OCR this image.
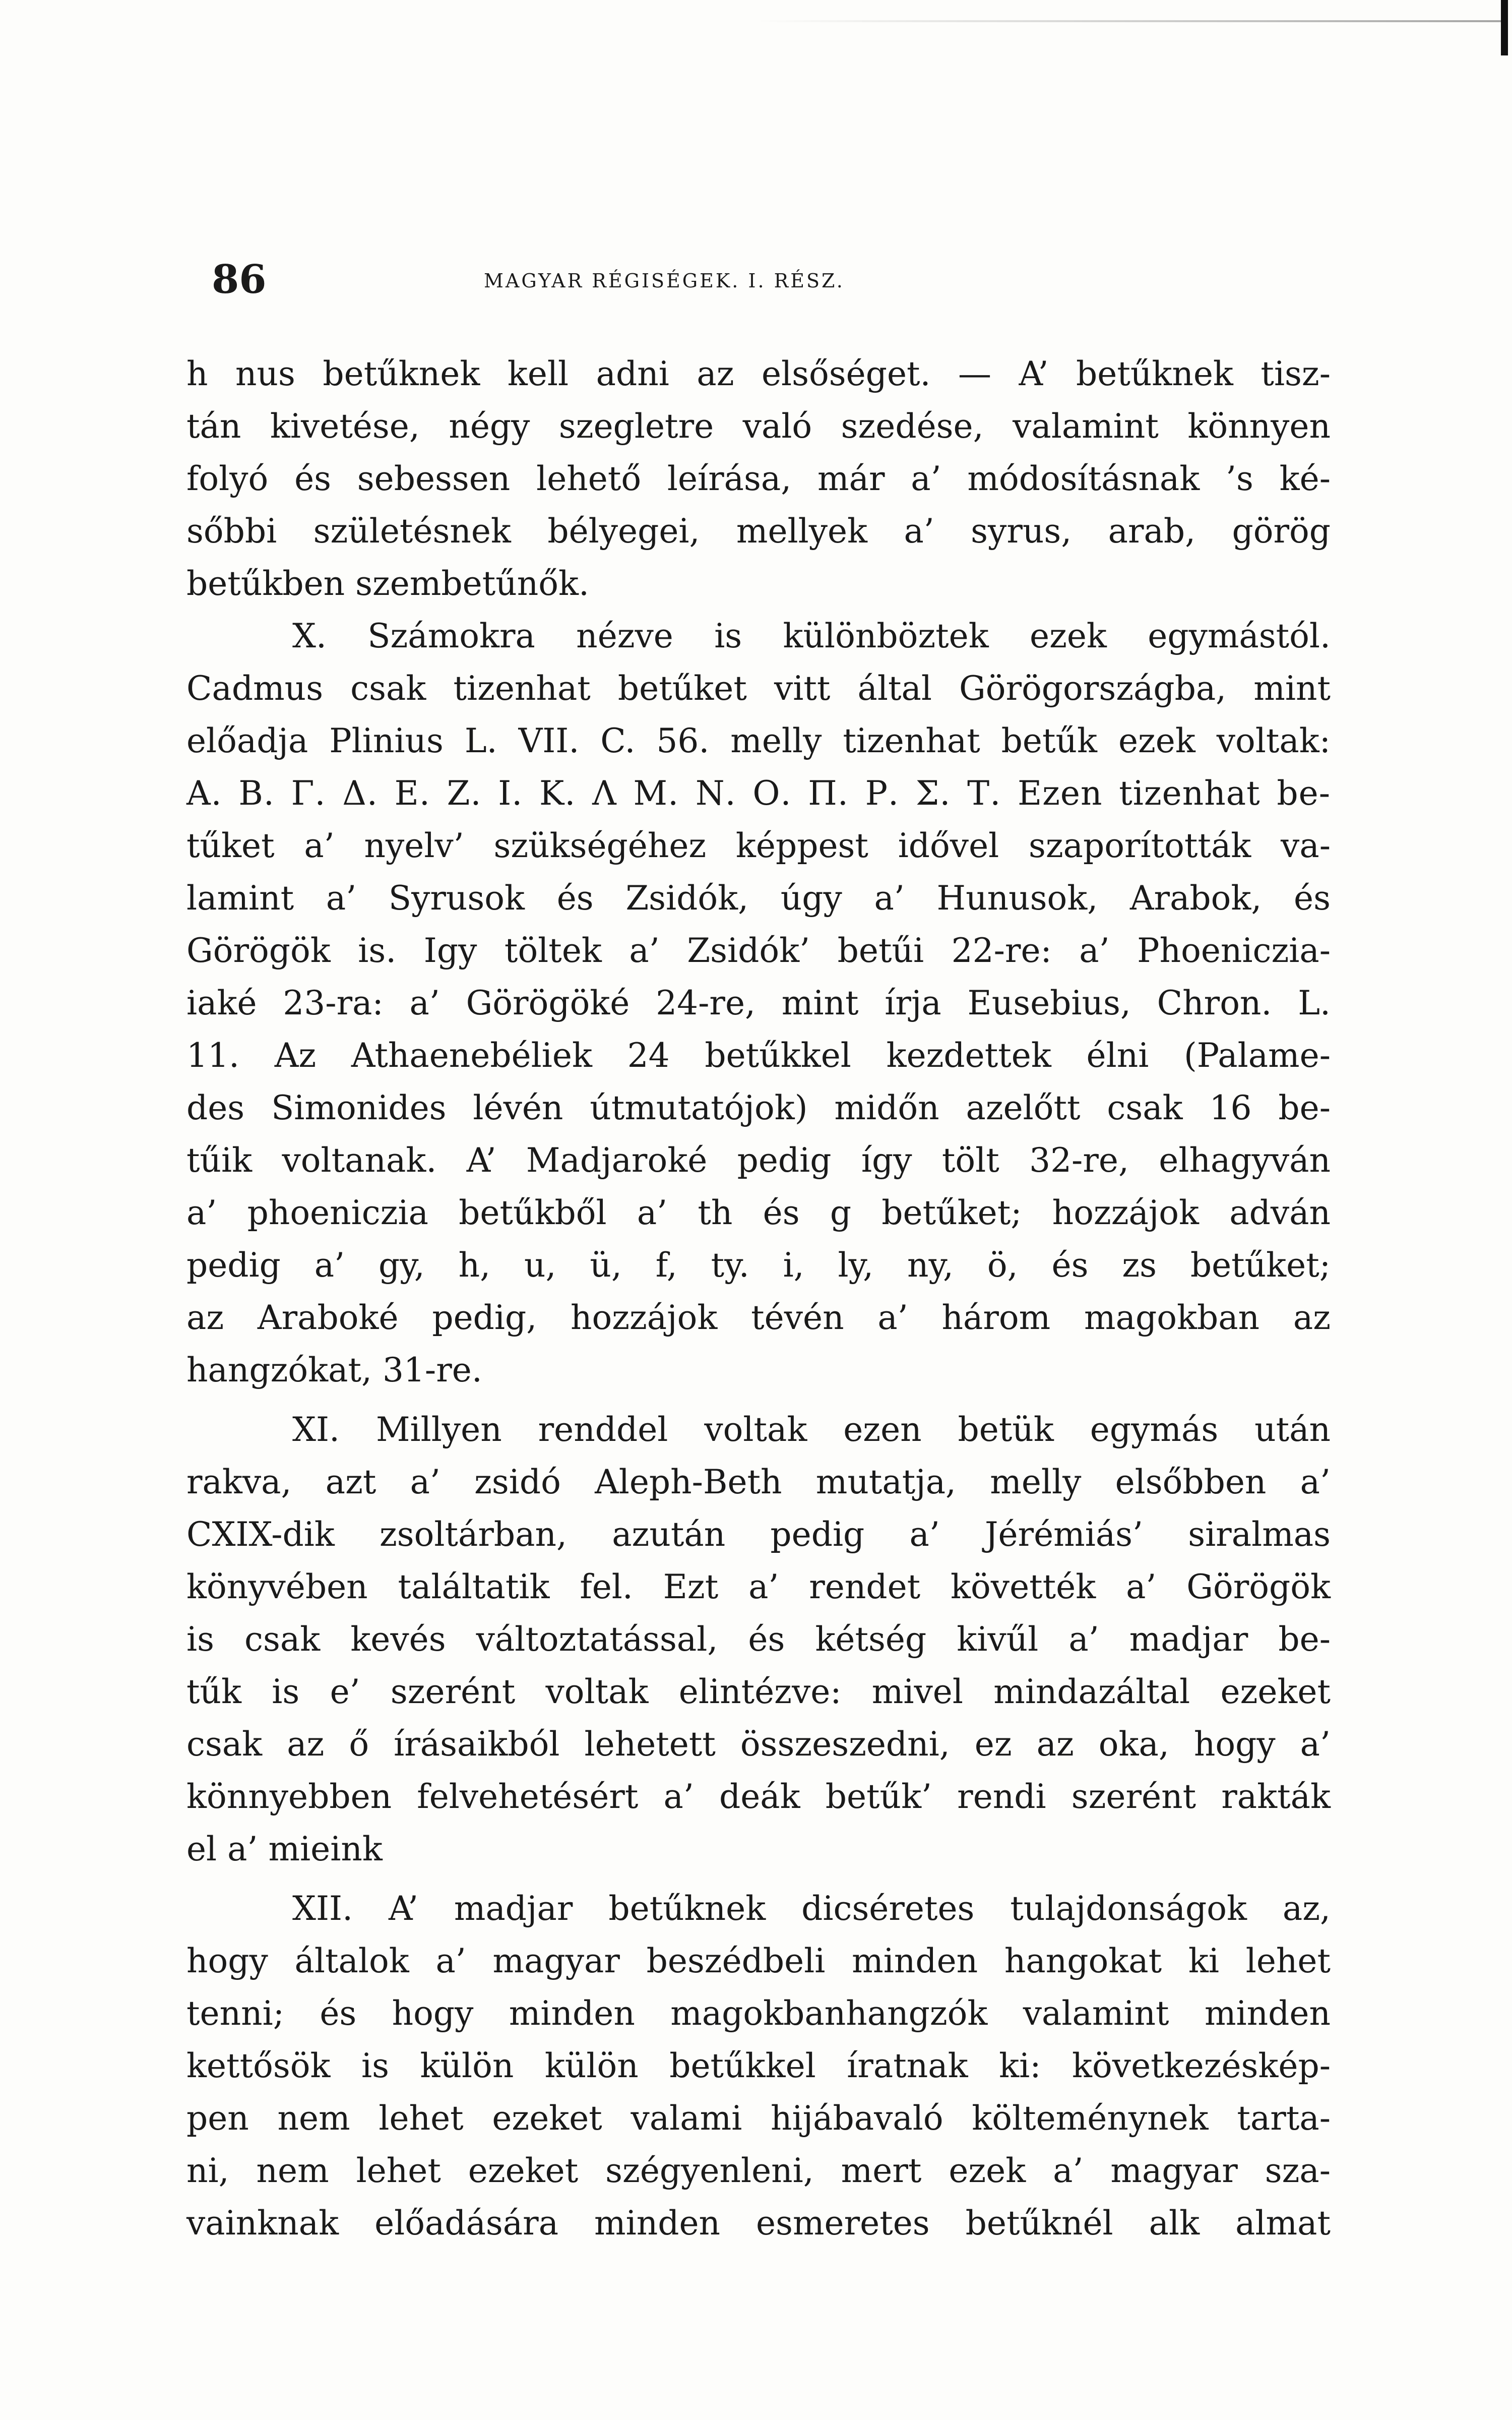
86	MAGYAR RÉGISÉGEK. I. RÉSZ.
h nus betűknek kell adni az elsőséget. — A’ betűknek tisz-
tán kivetése, négy szegletre való szedése, valamint könnyen
folyó és sebessen lehető leírása, már a’ módosításnak ’s ké-
sőbbi születésnek bélyegei, mellyek a’ syrus, arab, görög
betűkben szembetűnők.
X. Számokra nézve is különböztek ezek egymástól.
Cadmus csak tizenhat betűket vitt által Görögországba, mint
előadja Plinius L. VII. C. 56. melly tizenhat betűk ezek voltak:
Α. Β. Γ. Δ. Ε. Ζ. Ι. Κ. Λ Μ. Ν. Ο. Π. Ρ. Σ. Τ. Ezen tizenhat be-
tűket a’ nyelv’ szükségéhez képpest idővel szaporították va-
lamint a’ Syrusok és Zsidók, úgy a’ Hunusok, Arabok, és
Görögök is. Igy töltek a’ Zsidók’ betűi 22-re: a’ Phoeniczia-
iaké 23-ra: a’ Görögöké 24-re, mint írja Eusebius, Chron. L.
11. Az Athaenebéliek 24 betűkkel kezdettek élni (Palame-
des Simonides lévén útmutatójok) midőn azelőtt csak 16 be-
tűik voltanak. A’ Madjaroké pedig így tölt 32-re, elhagyván
a’ phoeniczia betűkből a’ th és g betűket; hozzájok adván
pedig a’ gy, h, u, ü, f, ty. i, ly, ny, ö, és zs betűket;
az Araboké pedig, hozzájok tévén a’ három magokban az
hangzókat, 31-re.
XI. Millyen renddel voltak ezen betük egymás után
rakva, azt a’ zsidó Aleph-Beth mutatja, melly elsőbben a’
CXIX-dik zsoltárban, azután pedig a’ Jérémiás’ siralmas
könyvében találtatik fel. Ezt a’ rendet követték a’ Görögök
is csak kevés változtatással, és kétség kivűl a’ madjar be-
tűk is e’ szerént voltak elintézve: mivel mindazáltal ezeket
csak az ő írásaikból lehetett összeszedni, ez az oka, hogy a’
könnyebben felvehetésért a’ deák betűk’ rendi szerént rakták
el a’ mieink
XII. A’ madjar betűknek dicséretes tulajdonságok az,
hogy általok a’ magyar beszédbeli minden hangokat ki lehet
tenni; és hogy minden magokbanhangzók valamint minden
kettősök is külön külön betűkkel íratnak ki: következéskép-
pen nem lehet ezeket valami hijábavaló költeménynek tarta-
ni, nem lehet ezeket szégyenleni, mert ezek a’ magyar sza-
vainknak előadására minden esmeretes betűknél alk almat
